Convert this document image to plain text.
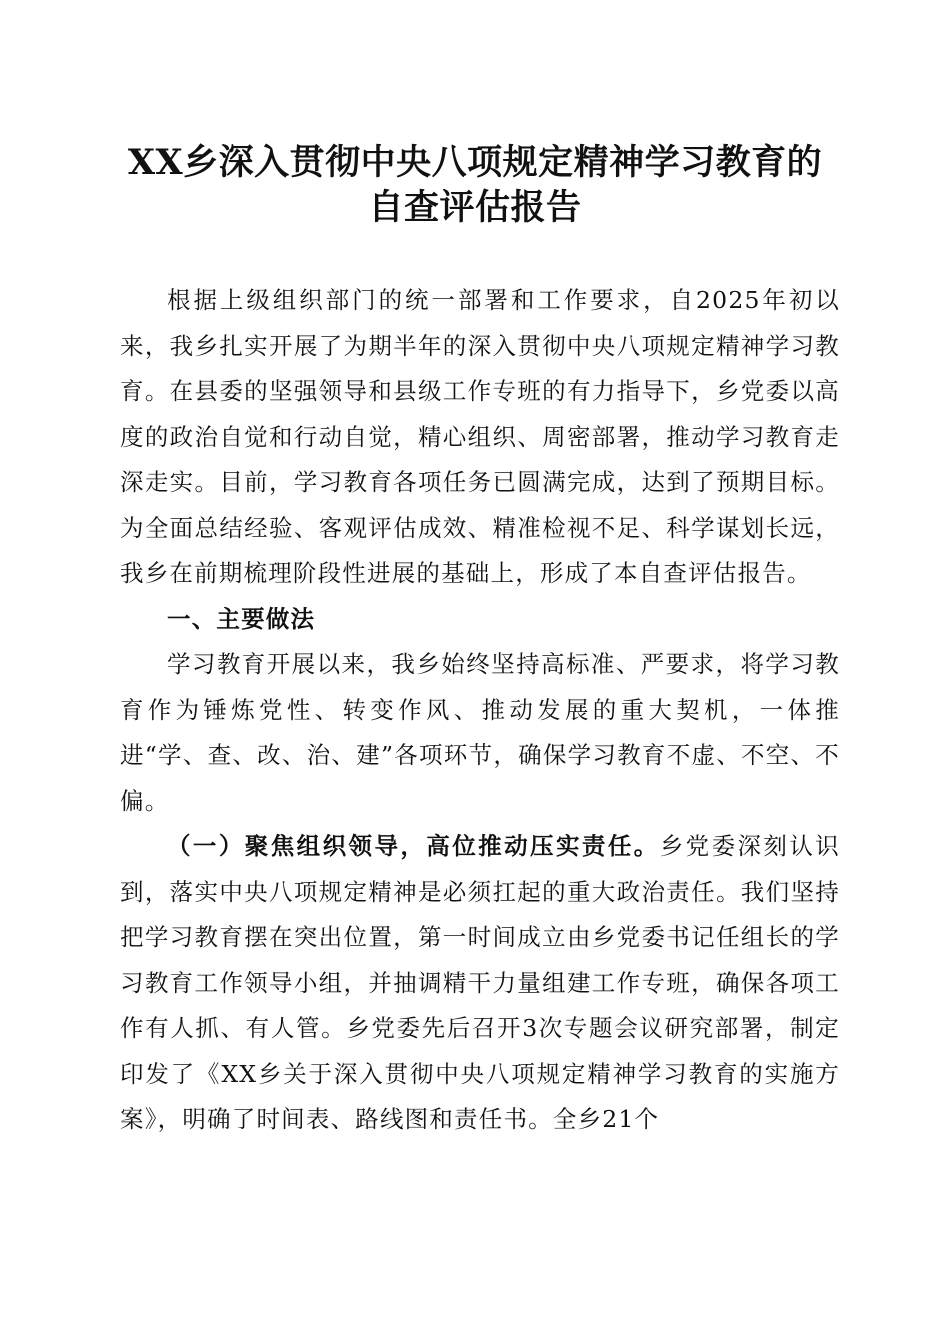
XX乡深入贯彻中央八项规定精神学习教育的
自查评估报告

根据上级组织部门的统一部署和工作要求，自2025年初以来，我乡扎实开展了为期半年的深入贯彻中央八项规定精神学习教育。在县委的坚强领导和县级工作专班的有力指导下，乡党委以高度的政治自觉和行动自觉，精心组织、周密部署，推动学习教育走深走实。目前，学习教育各项任务已圆满完成，达到了预期目标。为全面总结经验、客观评估成效、精准检视不足、科学谋划长远，我乡在前期梳理阶段性进展的基础上，形成了本自查评估报告。

一、主要做法

学习教育开展以来，我乡始终坚持高标准、严要求，将学习教育作为锤炼党性、转变作风、推动发展的重大契机，一体推进“学、查、改、治、建”各项环节，确保学习教育不虚、不空、不偏。

（一）聚焦组织领导，高位推动压实责任。乡党委深刻认识到，落实中央八项规定精神是必须扛起的重大政治责任。我们坚持把学习教育摆在突出位置，第一时间成立由乡党委书记任组长的学习教育工作领导小组，并抽调精干力量组建工作专班，确保各项工作有人抓、有人管。乡党委先后召开3次专题会议研究部署，制定印发了《XX乡关于深入贯彻中央八项规定精神学习教育的实施方案》，明确了时间表、路线图和责任书。全乡21个
